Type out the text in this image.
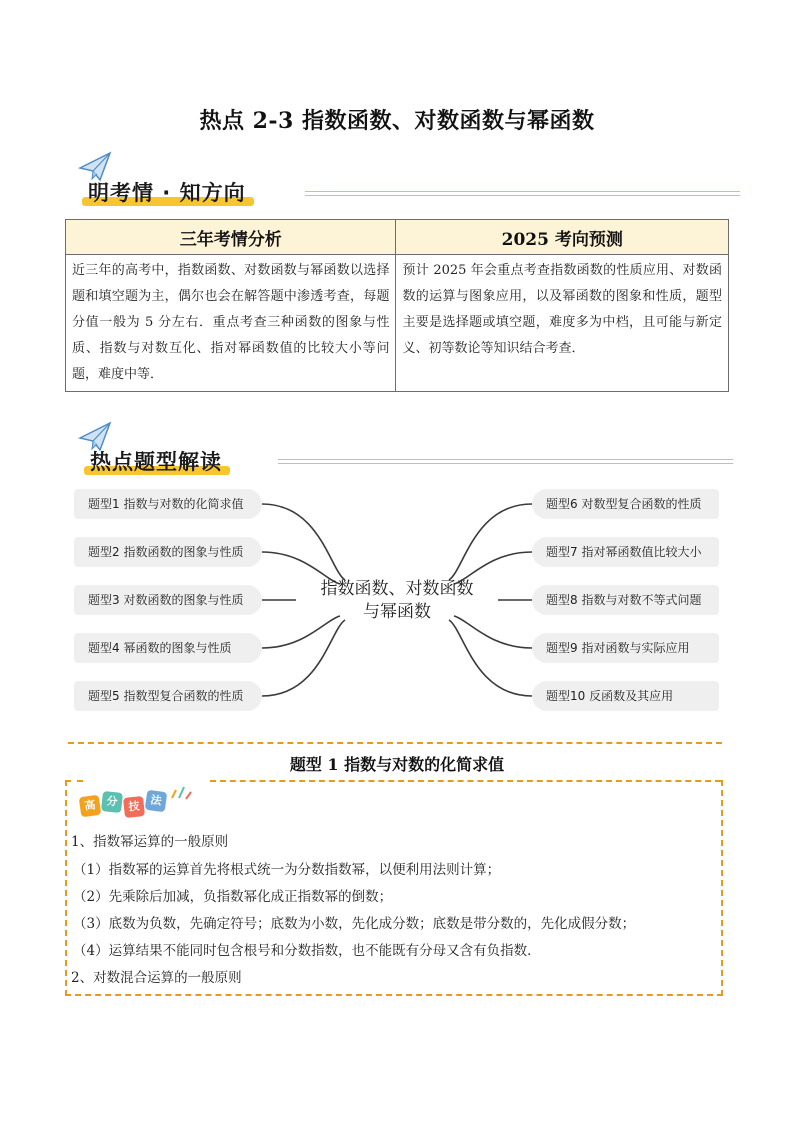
热点 2-3 指数函数、对数函数与幂函数
明考情 · 知方向
三年考情分析	2025 考向预测
近三年的高考中，指数函数、对数函数与幂函数以选择题和填空题为主，偶尔也会在解答题中渗透考查，每题分值一般为 5 分左右．重点考查三种函数的图象与性质、指数与对数互化、指对幂函数值的比较大小等问题，难度中等．	预计 2025 年会重点考查指数函数的性质应用、对数函数的运算与图象应用，以及幂函数的图象和性质，题型主要是选择题或填空题，难度多为中档，且可能与新定义、初等数论等知识结合考查．
热点题型解读
题型1 指数与对数的化简求值
题型2 指数函数的图象与性质
题型3 对数函数的图象与性质
题型4 幂函数的图象与性质
题型5 指数型复合函数的性质
题型6 对数型复合函数的性质
题型7 指对幂函数值比较大小
题型8 指数与对数不等式问题
题型9 指对函数与实际应用
题型10 反函数及其应用
指数函数、对数函数
与幂函数
题型 1 指数与对数的化简求值
高 分 技 法
1、指数幂运算的一般原则
（1）指数幂的运算首先将根式统一为分数指数幂，以便利用法则计算；
（2）先乘除后加减，负指数幂化成正指数幂的倒数；
（3）底数为负数，先确定符号；底数为小数，先化成分数；底数是带分数的，先化成假分数；
（4）运算结果不能同时包含根号和分数指数，也不能既有分母又含有负指数．
2、对数混合运算的一般原则
